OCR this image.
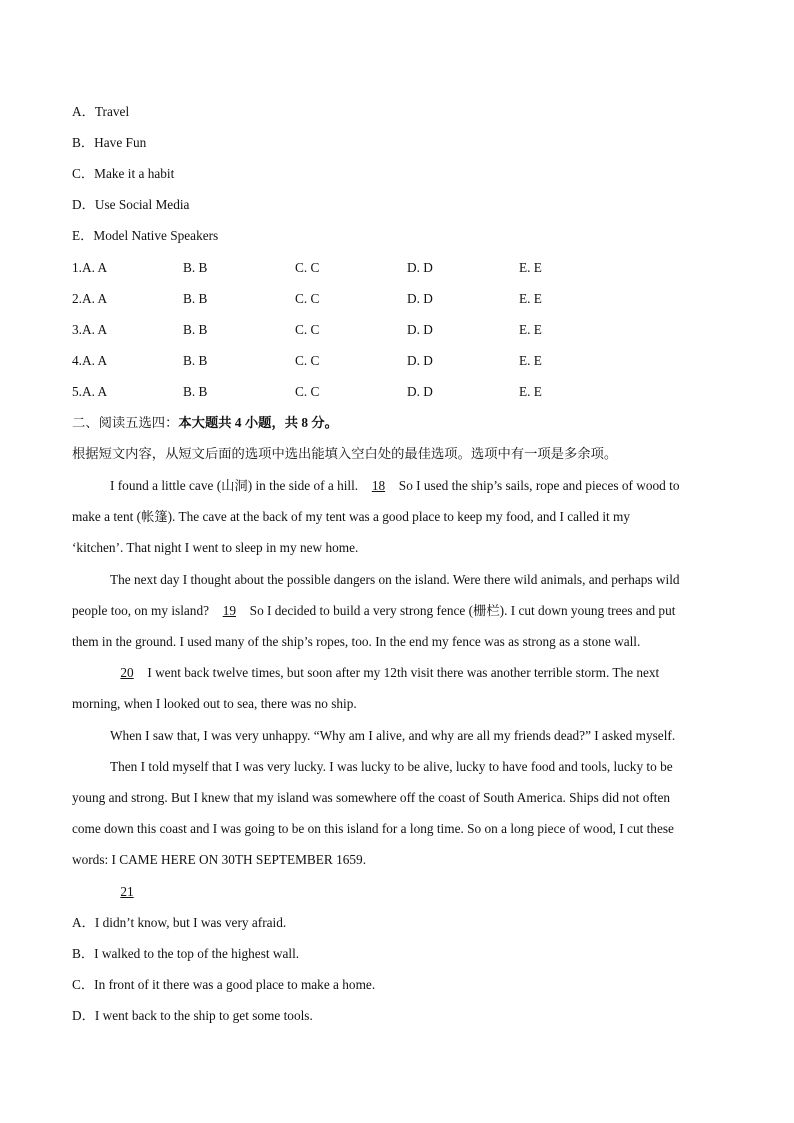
A．Travel
B．Have Fun
C．Make it a habit
D．Use Social Media
E．Model Native Speakers
1.A. A	B. B	C. C	D. D	E. E
2.A. A	B. B	C. C	D. D	E. E
3.A. A	B. B	C. C	D. D	E. E
4.A. A	B. B	C. C	D. D	E. E
5.A. A	B. B	C. C	D. D	E. E
二、阅读五选四：本大题共 4 小题，共 8 分。
根据短文内容，从短文后面的选项中选出能填入空白处的最佳选项。选项中有一项是多余项。
I found a little cave (山洞) in the side of a hill. 18 So I used the ship’s sails, rope and pieces of wood to
make a tent (帐篷). The cave at the back of my tent was a good place to keep my food, and I called it my
‘kitchen’. That night I went to sleep in my new home.
The next day I thought about the possible dangers on the island. Were there wild animals, and perhaps wild
people too, on my island? 19 So I decided to build a very strong fence (栅栏). I cut down young trees and put
them in the ground. I used many of the ship’s ropes, too. In the end my fence was as strong as a stone wall.
20 I went back twelve times, but soon after my 12th visit there was another terrible storm. The next
morning, when I looked out to sea, there was no ship.
When I saw that, I was very unhappy. “Why am I alive, and why are all my friends dead?” I asked myself.
Then I told myself that I was very lucky. I was lucky to be alive, lucky to have food and tools, lucky to be
young and strong. But I knew that my island was somewhere off the coast of South America. Ships did not often
come down this coast and I was going to be on this island for a long time. So on a long piece of wood, I cut these
words: I CAME HERE ON 30TH SEPTEMBER 1659.
21
A．I didn’t know, but I was very afraid.
B．I walked to the top of the highest wall.
C．In front of it there was a good place to make a home.
D．I went back to the ship to get some tools.
